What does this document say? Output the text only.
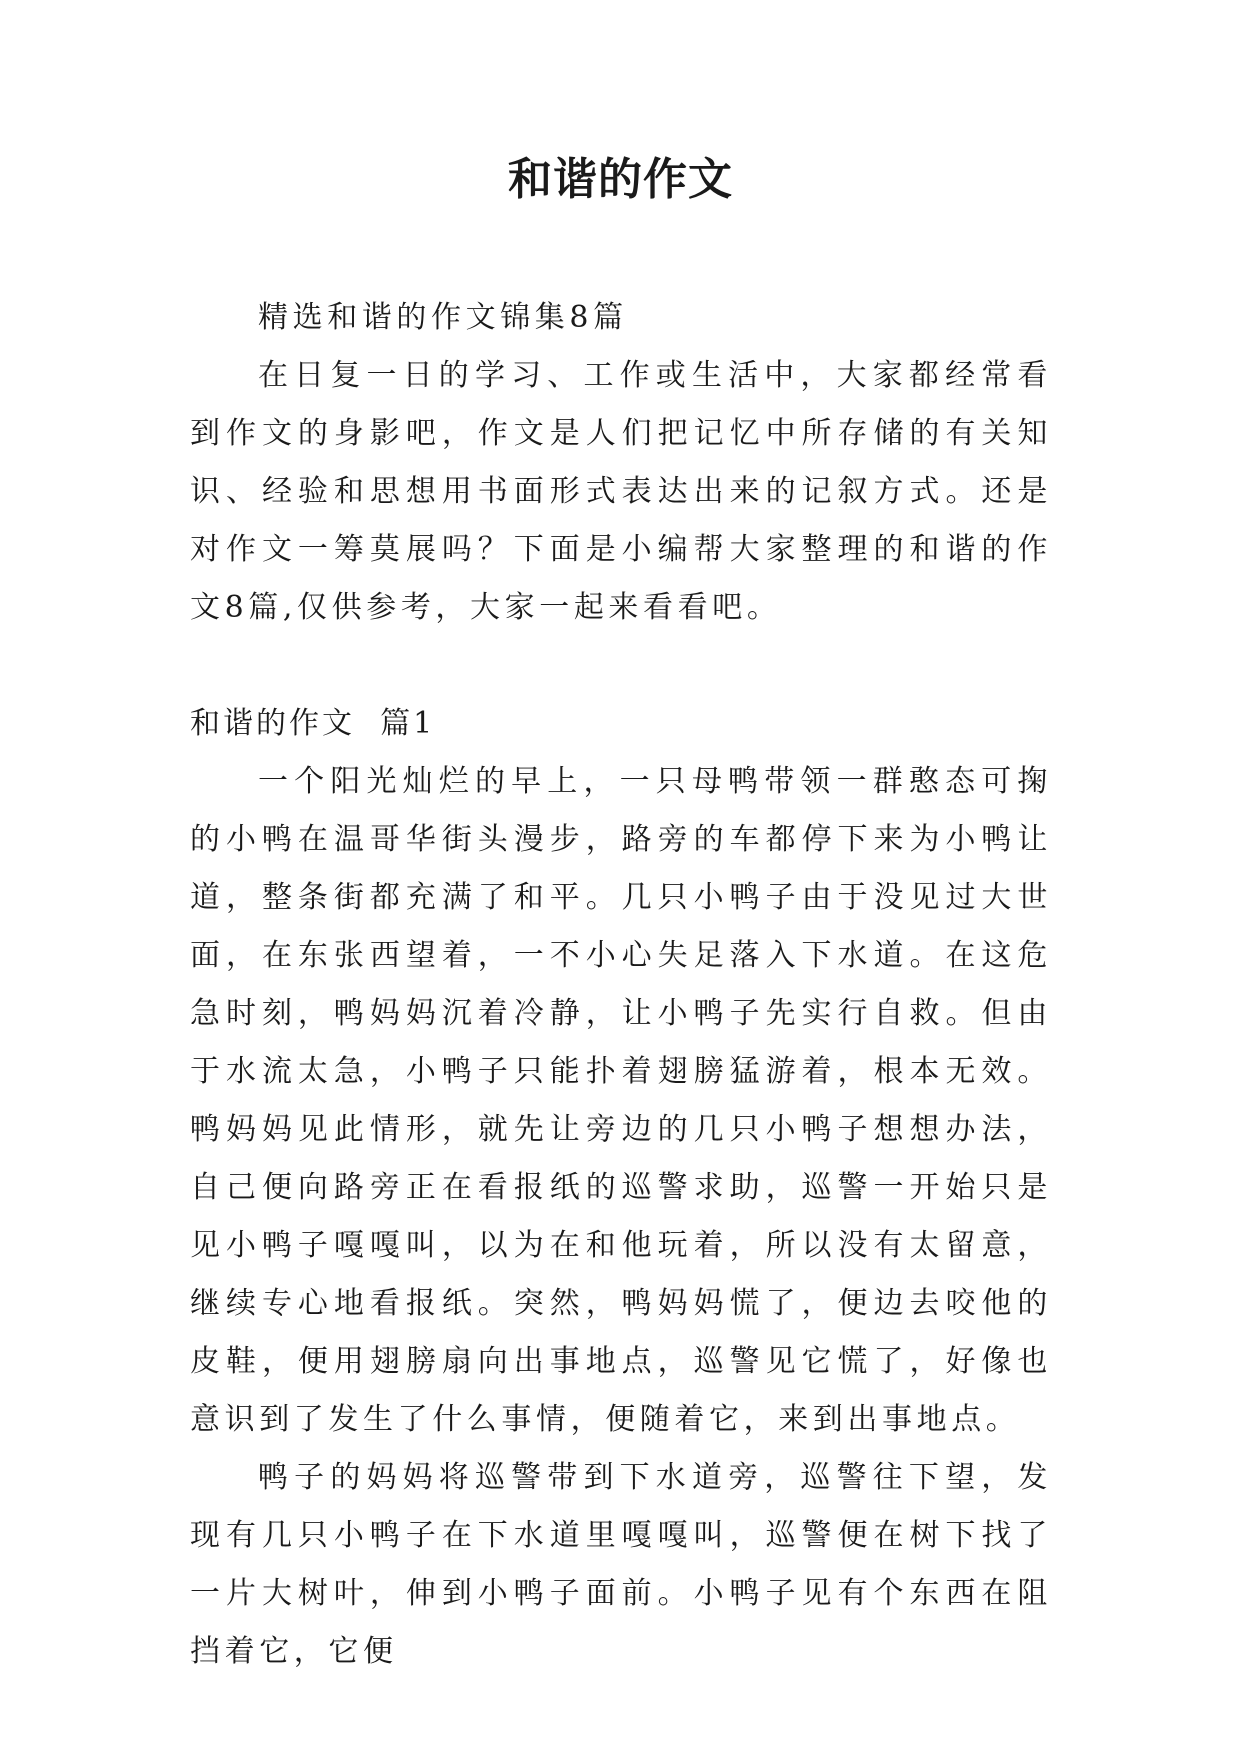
和谐的作文

精选和谐的作文锦集8篇

在日复一日的学习、工作或生活中，大家都经常看到作文的身影吧，作文是人们把记忆中所存储的有关知识、经验和思想用书面形式表达出来的记叙方式。还是对作文一筹莫展吗？下面是小编帮大家整理的和谐的作文8篇,仅供参考，大家一起来看看吧。

和谐的作文 篇1

一个阳光灿烂的早上，一只母鸭带领一群憨态可掬的小鸭在温哥华街头漫步，路旁的车都停下来为小鸭让道，整条街都充满了和平。几只小鸭子由于没见过大世面，在东张西望着，一不小心失足落入下水道。在这危急时刻，鸭妈妈沉着冷静，让小鸭子先实行自救。但由于水流太急，小鸭子只能扑着翅膀猛游着，根本无效。鸭妈妈见此情形，就先让旁边的几只小鸭子想想办法，自己便向路旁正在看报纸的巡警求助，巡警一开始只是见小鸭子嘎嘎叫，以为在和他玩着，所以没有太留意，继续专心地看报纸。突然，鸭妈妈慌了，便边去咬他的皮鞋，便用翅膀扇向出事地点，巡警见它慌了，好像也意识到了发生了什么事情，便随着它，来到出事地点。

鸭子的妈妈将巡警带到下水道旁，巡警往下望，发现有几只小鸭子在下水道里嘎嘎叫，巡警便在树下找了一片大树叶，伸到小鸭子面前。小鸭子见有个东西在阻挡着它，它便
